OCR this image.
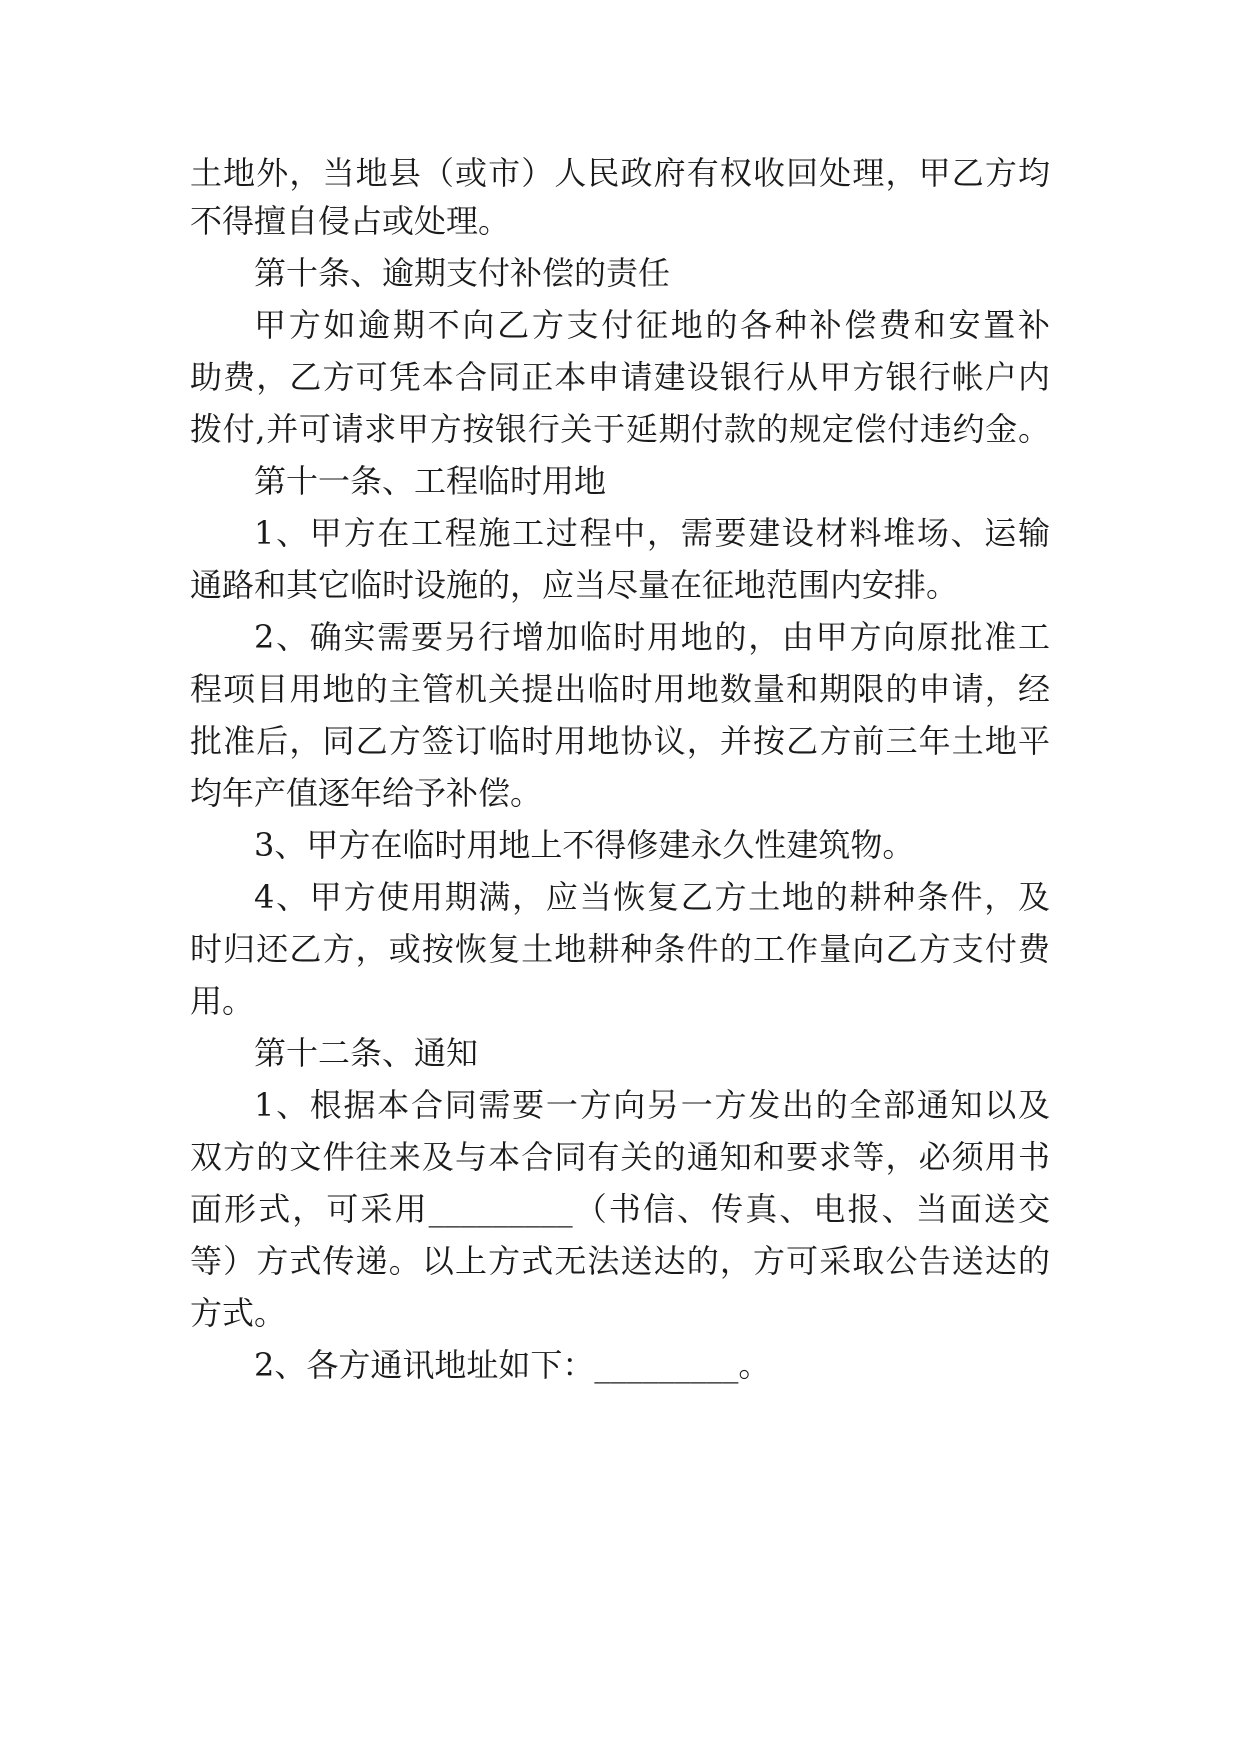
土地外，当地县（或市）人民政府有权收回处理，甲乙方均
不得擅自侵占或处理。
第十条、逾期支付补偿的责任
甲方如逾期不向乙方支付征地的各种补偿费和安置补
助费，乙方可凭本合同正本申请建设银行从甲方银行帐户内
拨付,并可请求甲方按银行关于延期付款的规定偿付违约金。
第十一条、工程临时用地
1、甲方在工程施工过程中，需要建设材料堆场、运输
通路和其它临时设施的，应当尽量在征地范围内安排。
2、确实需要另行增加临时用地的，由甲方向原批准工
程项目用地的主管机关提出临时用地数量和期限的申请，经
批准后，同乙方签订临时用地协议，并按乙方前三年土地平
均年产值逐年给予补偿。
3、甲方在临时用地上不得修建永久性建筑物。
4、甲方使用期满，应当恢复乙方土地的耕种条件，及
时归还乙方，或按恢复土地耕种条件的工作量向乙方支付费
用。
第十二条、通知
1、根据本合同需要一方向另一方发出的全部通知以及
双方的文件往来及与本合同有关的通知和要求等，必须用书
面形式，可采用_________（书信、传真、电报、当面送交
等）方式传递。以上方式无法送达的，方可采取公告送达的
方式。
2、各方通讯地址如下：_________。
